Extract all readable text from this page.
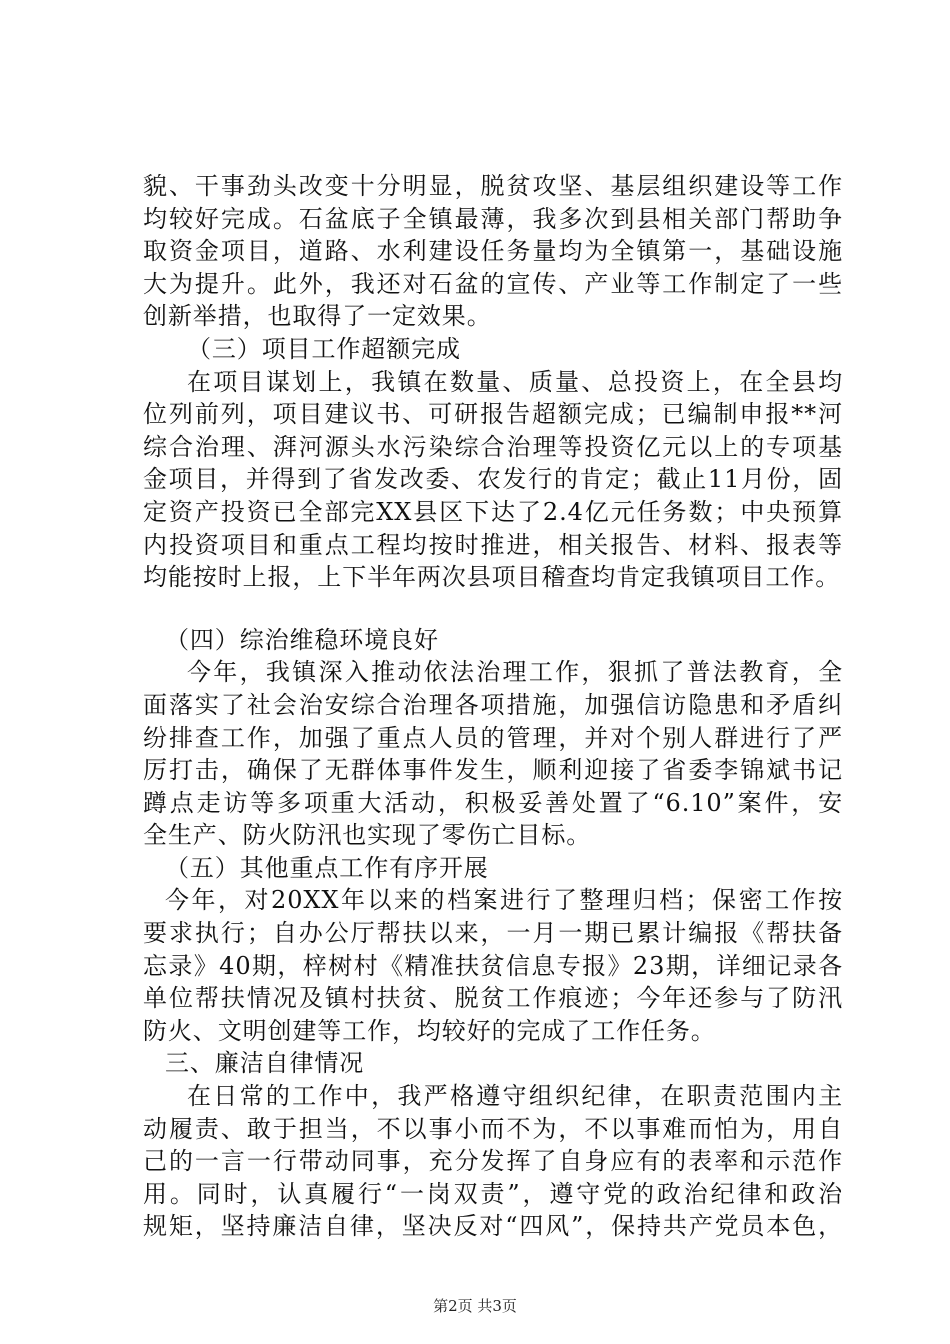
貌、干事劲头改变十分明显，脱贫攻坚、基层组织建设等工作
均较好完成。石盆底子全镇最薄，我多次到县相关部门帮助争
取资金项目，道路、水利建设任务量均为全镇第一，基础设施
大为提升。此外，我还对石盆的宣传、产业等工作制定了一些
创新举措，也取得了一定效果。
（三）项目工作超额完成
在项目谋划上，我镇在数量、质量、总投资上，在全县均
位列前列，项目建议书、可研报告超额完成；已编制申报**河
综合治理、湃河源头水污染综合治理等投资亿元以上的专项基
金项目，并得到了省发改委、农发行的肯定；截止11月份，固
定资产投资已全部完XX县区下达了2.4亿元任务数；中央预算
内投资项目和重点工程均按时推进，相关报告、材料、报表等
均能按时上报，上下半年两次县项目稽查均肯定我镇项目工作。
（四）综治维稳环境良好
今年，我镇深入推动依法治理工作，狠抓了普法教育，全
面落实了社会治安综合治理各项措施，加强信访隐患和矛盾纠
纷排查工作，加强了重点人员的管理，并对个别人群进行了严
厉打击，确保了无群体事件发生，顺利迎接了省委李锦斌书记
蹲点走访等多项重大活动，积极妥善处置了“6.10”案件，安
全生产、防火防汛也实现了零伤亡目标。
（五）其他重点工作有序开展
今年，对20XX年以来的档案进行了整理归档；保密工作按
要求执行；自办公厅帮扶以来，一月一期已累计编报《帮扶备
忘录》40期，梓树村《精准扶贫信息专报》23期，详细记录各
单位帮扶情况及镇村扶贫、脱贫工作痕迹；今年还参与了防汛
防火、文明创建等工作，均较好的完成了工作任务。
三、廉洁自律情况
在日常的工作中，我严格遵守组织纪律，在职责范围内主
动履责、敢于担当，不以事小而不为，不以事难而怕为，用自
己的一言一行带动同事，充分发挥了自身应有的表率和示范作
用。同时，认真履行“一岗双责”，遵守党的政治纪律和政治
规矩，坚持廉洁自律，坚决反对“四风”，保持共产党员本色，
第2页 共3页
